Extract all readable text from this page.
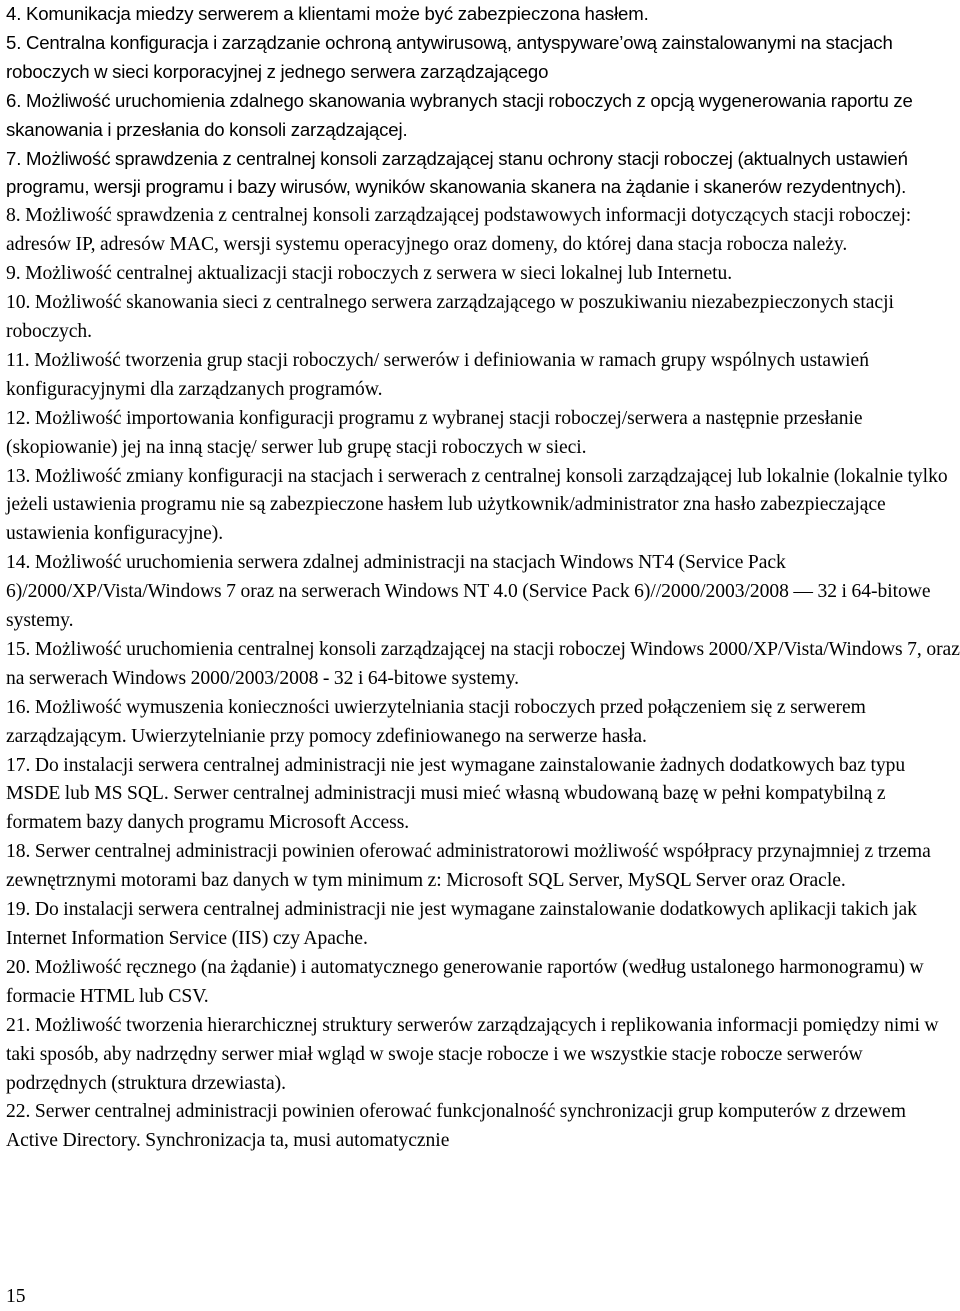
4. Komunikacja miedzy serwerem a klientami może być zabezpieczona hasłem.

5. Centralna konfiguracja i zarządzanie ochroną antywirusową, antyspyware’ową zainstalowanymi na stacjach roboczych w sieci korporacyjnej z jednego serwera zarządzającego

6. Możliwość uruchomienia zdalnego skanowania wybranych stacji roboczych z opcją wygenerowania raportu ze skanowania i przesłania do konsoli zarządzającej.

7. Możliwość sprawdzenia z centralnej konsoli zarządzającej stanu ochrony stacji roboczej (aktualnych ustawień programu, wersji programu i bazy wirusów, wyników skanowania skanera na żądanie i skanerów rezydentnych).

8. Możliwość sprawdzenia z centralnej konsoli zarządzającej podstawowych informacji dotyczących stacji roboczej: adresów IP, adresów MAC, wersji systemu operacyjnego oraz domeny, do której dana stacja robocza należy.

9. Możliwość centralnej aktualizacji stacji roboczych z serwera w sieci lokalnej lub Internetu.

10. Możliwość skanowania sieci z centralnego serwera zarządzającego w poszukiwaniu niezabezpieczonych stacji roboczych.

11. Możliwość tworzenia grup stacji roboczych/ serwerów i definiowania w ramach grupy wspólnych ustawień konfiguracyjnymi dla zarządzanych programów.

12. Możliwość importowania konfiguracji programu z wybranej stacji roboczej/serwera a następnie przesłanie (skopiowanie) jej na inną stację/ serwer lub grupę stacji roboczych w sieci.

13. Możliwość zmiany konfiguracji na stacjach i serwerach z centralnej konsoli zarządzającej lub lokalnie (lokalnie tylko jeżeli ustawienia programu nie są zabezpieczone hasłem lub użytkownik/administrator zna hasło zabezpieczające ustawienia konfiguracyjne).

14. Możliwość uruchomienia serwera zdalnej administracji na stacjach Windows NT4 (Service Pack 6)/2000/XP/Vista/Windows 7 oraz na serwerach Windows NT 4.0 (Service Pack 6)//2000/2003/2008 — 32 i 64-bitowe systemy.

15. Możliwość uruchomienia centralnej konsoli zarządzającej na stacji roboczej Windows 2000/XP/Vista/Windows 7, oraz na serwerach Windows 2000/2003/2008 - 32 i 64-bitowe systemy.

16. Możliwość wymuszenia konieczności uwierzytelniania stacji roboczych przed połączeniem się z serwerem zarządzającym. Uwierzytelnianie przy pomocy zdefiniowanego na serwerze hasła.

17. Do instalacji serwera centralnej administracji nie jest wymagane zainstalowanie żadnych dodatkowych baz typu MSDE lub MS SQL. Serwer centralnej administracji musi mieć własną wbudowaną bazę w pełni kompatybilną z formatem bazy danych programu Microsoft Access.

18. Serwer centralnej administracji powinien oferować administratorowi możliwość współpracy przynajmniej z trzema zewnętrznymi motorami baz danych w tym minimum z: Microsoft SQL Server, MySQL Server oraz Oracle.

19. Do instalacji serwera centralnej administracji nie jest wymagane zainstalowanie dodatkowych aplikacji takich jak Internet Information Service (IIS) czy Apache.

20. Możliwość ręcznego (na żądanie) i automatycznego generowanie raportów (według ustalonego harmonogramu) w formacie HTML lub CSV.

21. Możliwość tworzenia hierarchicznej struktury serwerów zarządzających i replikowania informacji pomiędzy nimi w taki sposób, aby nadrzędny serwer miał wgląd w swoje stacje robocze i we wszystkie stacje robocze serwerów podrzędnych (struktura drzewiasta).

22. Serwer centralnej administracji powinien oferować funkcjonalność synchronizacji grup komputerów z drzewem Active Directory. Synchronizacja ta, musi automatycznie

15
